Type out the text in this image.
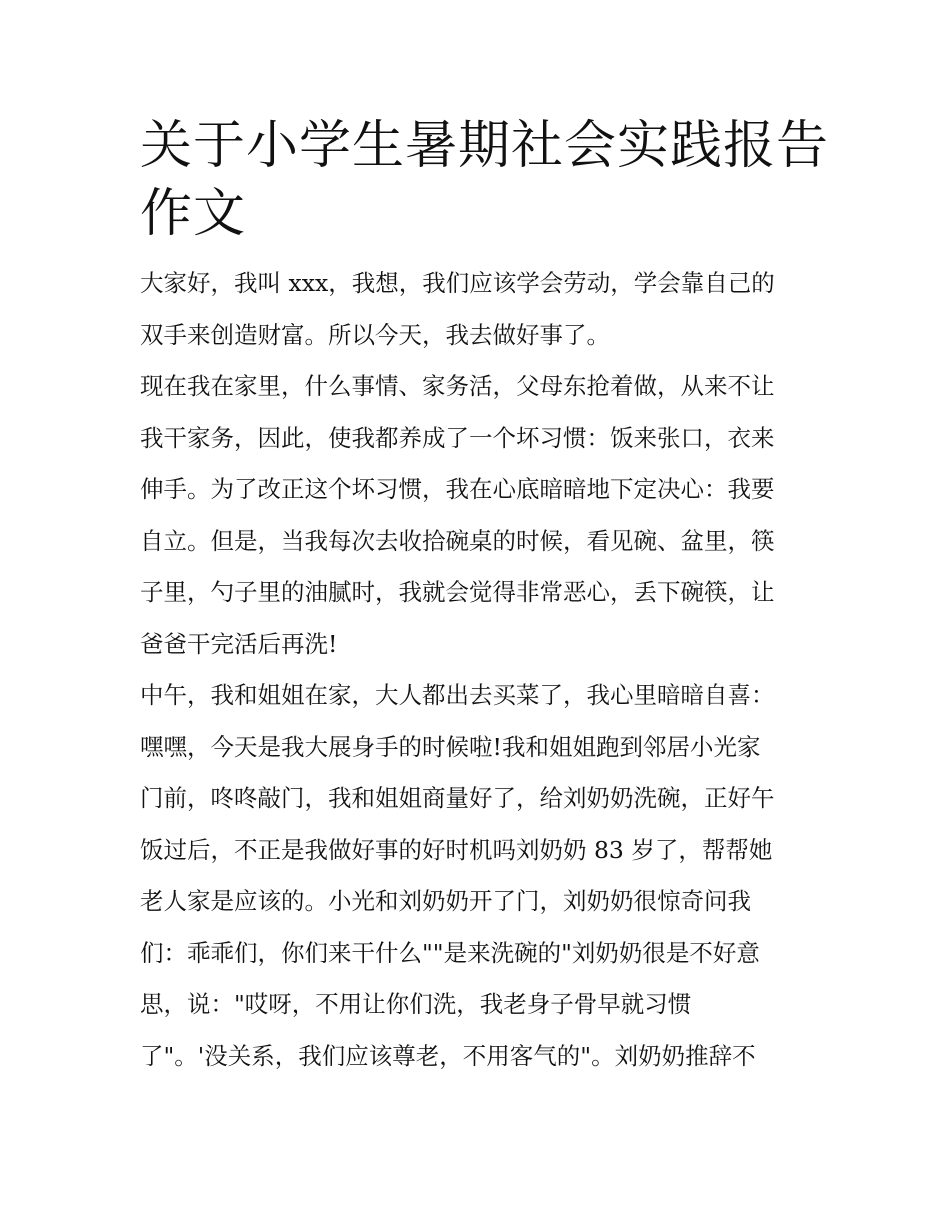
关于小学生暑期社会实践报告
作文

大家好，我叫 xxx，我想，我们应该学会劳动，学会靠自己的
双手来创造财富。所以今天，我去做好事了。

现在我在家里，什么事情、家务活，父母东抢着做，从来不让
我干家务，因此，使我都养成了一个坏习惯：饭来张口，衣来
伸手。为了改正这个坏习惯，我在心底暗暗地下定决心：我要
自立。但是，当我每次去收拾碗桌的时候，看见碗、盆里，筷
子里，勺子里的油腻时，我就会觉得非常恶心，丢下碗筷，让
爸爸干完活后再洗!

中午，我和姐姐在家，大人都出去买菜了，我心里暗暗自喜：
嘿嘿，今天是我大展身手的时候啦!我和姐姐跑到邻居小光家
门前，咚咚敲门，我和姐姐商量好了，给刘奶奶洗碗，正好午
饭过后，不正是我做好事的好时机吗刘奶奶 83 岁了，帮帮她
老人家是应该的。小光和刘奶奶开了门，刘奶奶很惊奇问我
们：乖乖们，你们来干什么""是来洗碗的"刘奶奶很是不好意
思，说："哎呀，不用让你们洗，我老身子骨早就习惯
了"。'没关系，我们应该尊老，不用客气的"。刘奶奶推辞不
